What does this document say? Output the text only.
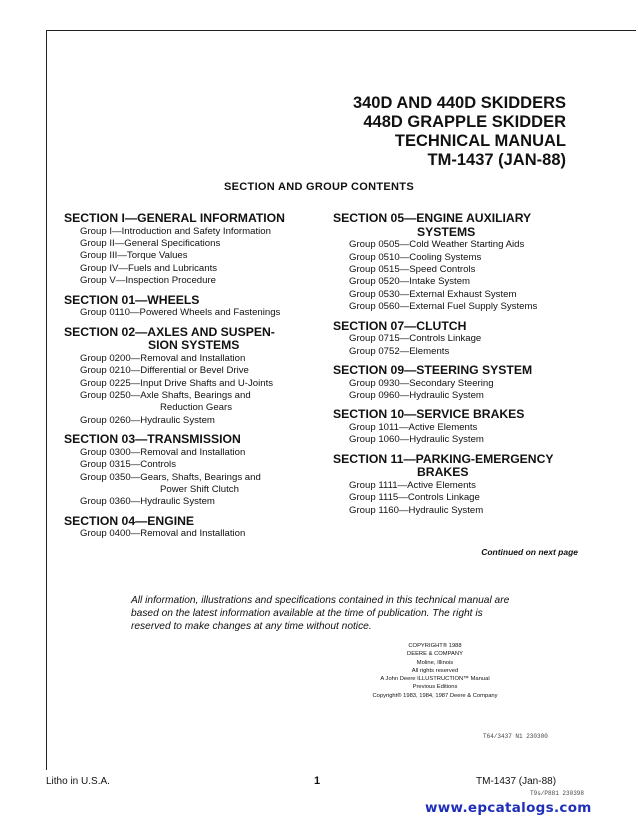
340D AND 440D SKIDDERS
448D GRAPPLE SKIDDER
TECHNICAL MANUAL
TM-1437 (JAN-88)
SECTION AND GROUP CONTENTS
SECTION I—GENERAL INFORMATION
Group I—Introduction and Safety Information
Group II—General Specifications
Group III—Torque Values
Group IV—Fuels and Lubricants
Group V—Inspection Procedure
SECTION 01—WHEELS
Group 0110—Powered Wheels and Fastenings
SECTION 02—AXLES AND SUSPEN-
SION SYSTEMS
Group 0200—Removal and Installation
Group 0210—Differential or Bevel Drive
Group 0225—Input Drive Shafts and U-Joints
Group 0250—Axle Shafts, Bearings and
Reduction Gears
Group 0260—Hydraulic System
SECTION 03—TRANSMISSION
Group 0300—Removal and Installation
Group 0315—Controls
Group 0350—Gears, Shafts, Bearings and
Power Shift Clutch
Group 0360—Hydraulic System
SECTION 04—ENGINE
Group 0400—Removal and Installation
SECTION 05—ENGINE AUXILIARY
SYSTEMS
Group 0505—Cold Weather Starting Aids
Group 0510—Cooling Systems
Group 0515—Speed Controls
Group 0520—Intake System
Group 0530—External Exhaust System
Group 0560—External Fuel Supply Systems
SECTION 07—CLUTCH
Group 0715—Controls Linkage
Group 0752—Elements
SECTION 09—STEERING SYSTEM
Group 0930—Secondary Steering
Group 0960—Hydraulic System
SECTION 10—SERVICE BRAKES
Group 1011—Active Elements
Group 1060—Hydraulic System
SECTION 11—PARKING-EMERGENCY
BRAKES
Group 1111—Active Elements
Group 1115—Controls Linkage
Group 1160—Hydraulic System
Continued on next page
All information, illustrations and specifications contained in this technical manual are
based on the latest information available at the time of publication. The right is
reserved to make changes at any time without notice.
COPYRIGHT® 1988
DEERE & COMPANY
Moline, Illinois
All rights reserved
A John Deere ILLUSTRUCTION™ Manual
Previous Editions
Copyright® 1983, 1984, 1987 Deere & Company
T64/3437 N1 230300
Litho in U.S.A.	1	TM-1437 (Jan-88)
T9s/P881 230398
www.epcatalogs.com
